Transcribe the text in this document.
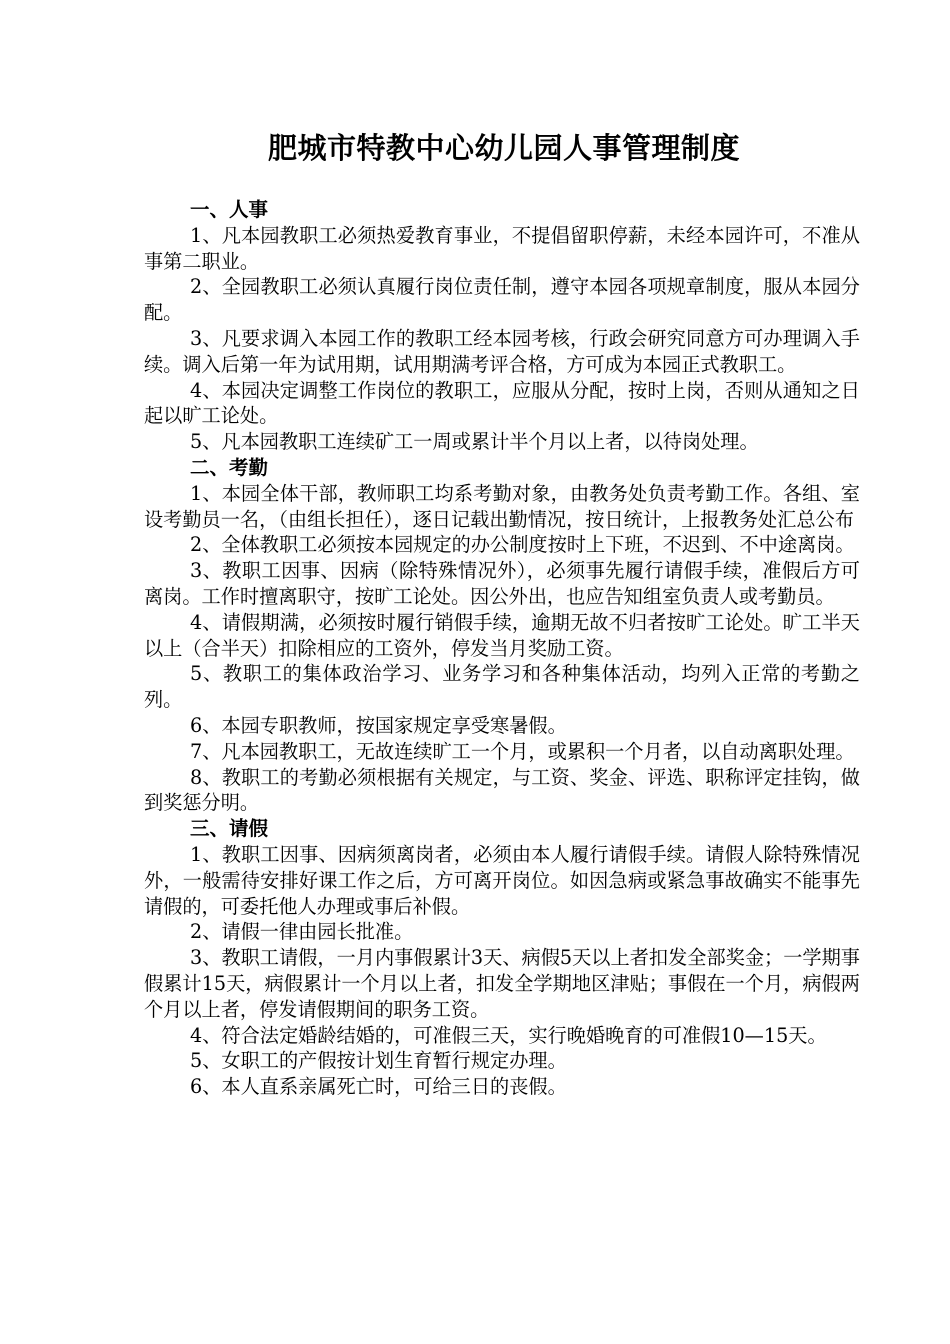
肥城市特教中心幼儿园人事管理制度

一、人事

1、凡本园教职工必须热爱教育事业，不提倡留职停薪，未经本园许可，不准从事第二职业。

2、全园教职工必须认真履行岗位责任制，遵守本园各项规章制度，服从本园分配。

3、凡要求调入本园工作的教职工经本园考核，行政会研究同意方可办理调入手续。调入后第一年为试用期，试用期满考评合格，方可成为本园正式教职工。

4、本园决定调整工作岗位的教职工，应服从分配，按时上岗，否则从通知之日起以旷工论处。

5、凡本园教职工连续矿工一周或累计半个月以上者，以待岗处理。

二、考勤

1、本园全体干部，教师职工均系考勤对象，由教务处负责考勤工作。各组、室设考勤员一名，（由组长担任），逐日记载出勤情况，按日统计，上报教务处汇总公布

2、全体教职工必须按本园规定的办公制度按时上下班，不迟到、不中途离岗。

3、教职工因事、因病（除特殊情况外），必须事先履行请假手续，准假后方可离岗。工作时擅离职守，按旷工论处。因公外出，也应告知组室负责人或考勤员。

4、请假期满，必须按时履行销假手续，逾期无故不归者按旷工论处。旷工半天以上（合半天）扣除相应的工资外，停发当月奖励工资。

5、教职工的集体政治学习、业务学习和各种集体活动，均列入正常的考勤之列。

6、本园专职教师，按国家规定享受寒暑假。

7、凡本园教职工，无故连续旷工一个月，或累积一个月者，以自动离职处理。

8、教职工的考勤必须根据有关规定，与工资、奖金、评选、职称评定挂钩，做到奖惩分明。

三、请假

1、教职工因事、因病须离岗者，必须由本人履行请假手续。请假人除特殊情况外，一般需待安排好课工作之后，方可离开岗位。如因急病或紧急事故确实不能事先请假的，可委托他人办理或事后补假。

2、请假一律由园长批准。

3、教职工请假，一月内事假累计3天、病假5天以上者扣发全部奖金；一学期事假累计15天，病假累计一个月以上者，扣发全学期地区津贴；事假在一个月，病假两个月以上者，停发请假期间的职务工资。

4、符合法定婚龄结婚的，可准假三天，实行晚婚晚育的可准假10—15天。

5、女职工的产假按计划生育暂行规定办理。

6、本人直系亲属死亡时，可给三日的丧假。
